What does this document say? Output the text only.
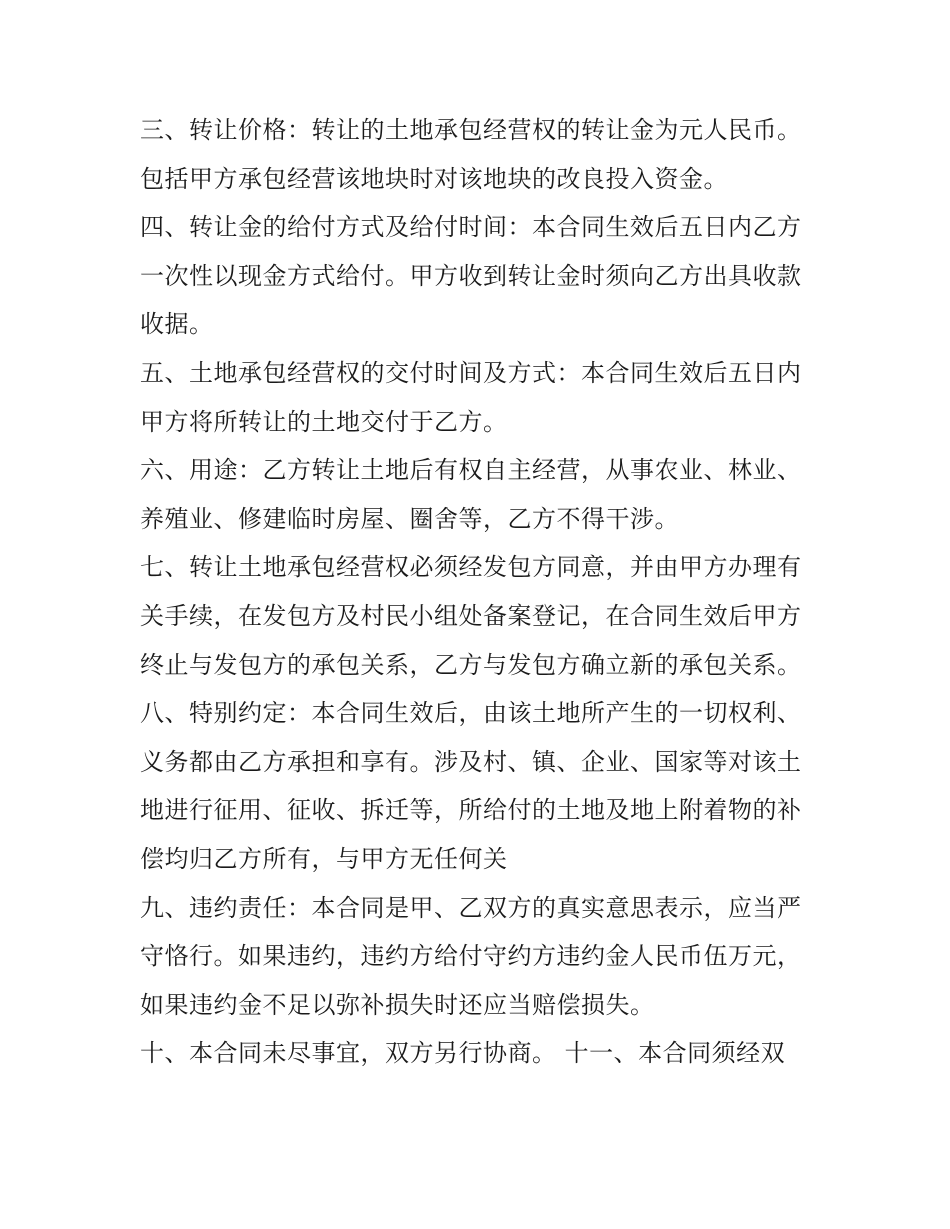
三、转让价格：转让的土地承包经营权的转让金为元人民币。
包括甲方承包经营该地块时对该地块的改良投入资金。
四、转让金的给付方式及给付时间：本合同生效后五日内乙方
一次性以现金方式给付。甲方收到转让金时须向乙方出具收款
收据。
五、土地承包经营权的交付时间及方式：本合同生效后五日内
甲方将所转让的土地交付于乙方。
六、用途：乙方转让土地后有权自主经营，从事农业、林业、
养殖业、修建临时房屋、圈舍等，乙方不得干涉。
七、转让土地承包经营权必须经发包方同意，并由甲方办理有
关手续，在发包方及村民小组处备案登记，在合同生效后甲方
终止与发包方的承包关系，乙方与发包方确立新的承包关系。
八、特别约定：本合同生效后，由该土地所产生的一切权利、
义务都由乙方承担和享有。涉及村、镇、企业、国家等对该土
地进行征用、征收、拆迁等，所给付的土地及地上附着物的补
偿均归乙方所有，与甲方无任何关
九、违约责任：本合同是甲、乙双方的真实意思表示，应当严
守恪行。如果违约，违约方给付守约方违约金人民币伍万元，
如果违约金不足以弥补损失时还应当赔偿损失。
十、本合同未尽事宜，双方另行协商。 十一、本合同须经双
